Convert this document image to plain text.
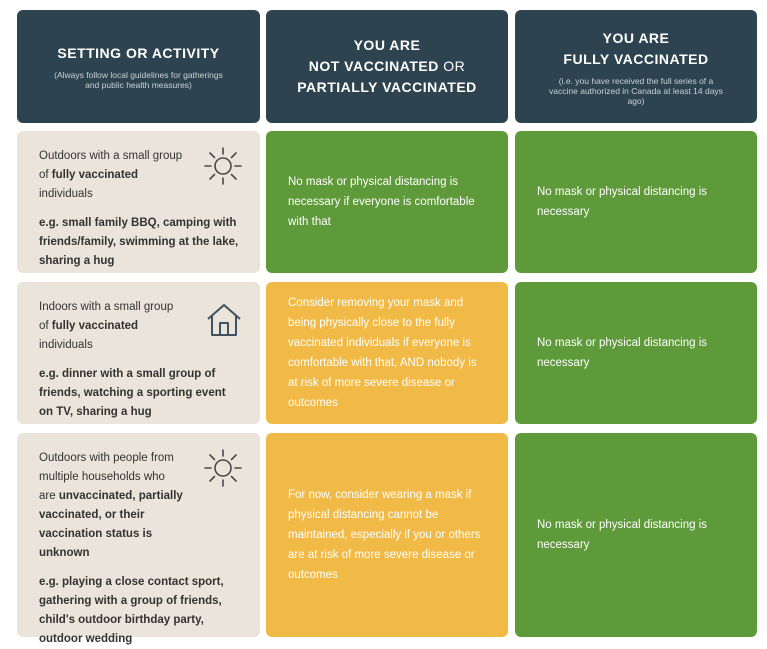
SETTING OR ACTIVITY
(Always follow local guidelines for gatherings and public health measures)
YOU ARE
NOT VACCINATED OR
PARTIALLY VACCINATED
YOU ARE
FULLY VACCINATED
(i.e. you have received the full series of a vaccine authorized in Canada at least 14 days ago)
Outdoors with a small group of fully vaccinated individuals
e.g. small family BBQ, camping with friends/family, swimming at the lake, sharing a hug
No mask or physical distancing is necessary if everyone is comfortable with that
No mask or physical distancing is necessary
Indoors with a small group of fully vaccinated individuals
e.g. dinner with a small group of friends, watching a sporting event on TV, sharing a hug
Consider removing your mask and being physically close to the fully vaccinated individuals if everyone is comfortable with that, AND nobody is at risk of more severe disease or outcomes
No mask or physical distancing is necessary
Outdoors with people from multiple households who are unvaccinated, partially vaccinated, or their vaccination status is unknown
e.g. playing a close contact sport, gathering with a group of friends, child's outdoor birthday party, outdoor wedding
For now, consider wearing a mask if physical distancing cannot be maintained, especially if you or others are at risk of more severe disease or outcomes
No mask or physical distancing is necessary
